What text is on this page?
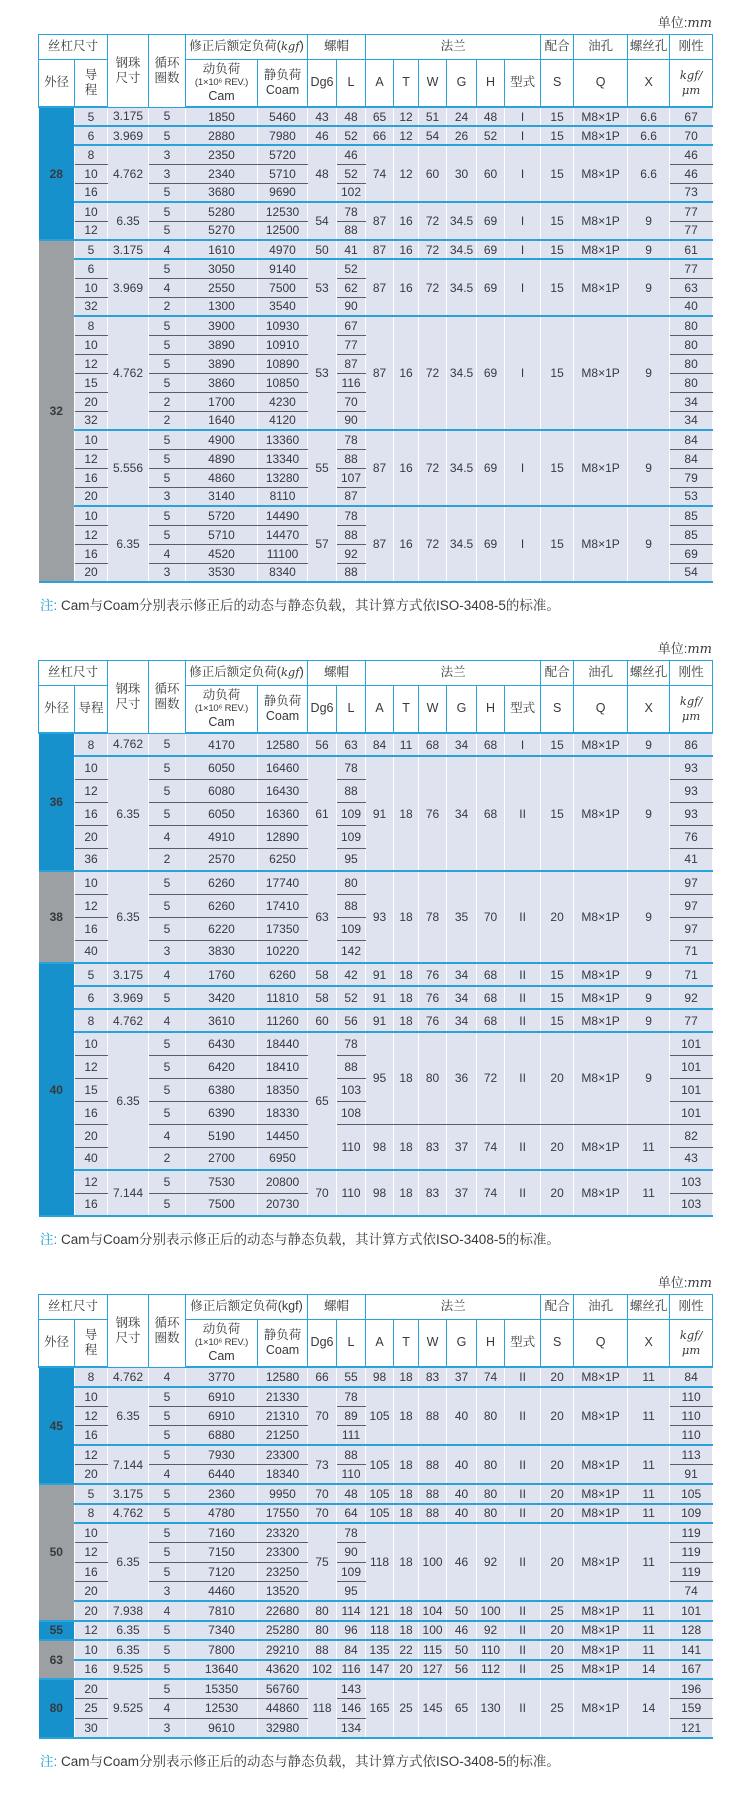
单位:mm
丝杠尺寸	
钢珠
尺寸

循环
圈数
	修正后额定负荷(kgf)	螺帽	法兰	配合	油孔	螺丝孔	刚性
外径	
导
程

动负荷
(1×10⁶ REV.)
Cam

静负荷
Coam
	Dg6	L	A	T	W	G	H	型式	S	Q	X	kgf/μm
28	5	3.175	5	1850	5460	43	48	65	12	51	24	48	I	15	M8×1P	6.6	67
	6	3.969	5	2880	7980	46	52	66	12	54	26	52	I	15	M8×1P	6.6	70
	8	4.762	3	2350	5720	48	46	74	12	60	30	60	I	15	M8×1P	6.6	46
	10		3	2340	5710		52										46
	16		5	3680	9690		102										73
	10	6.35	5	5280	12530	54	78	87	16	72	34.5	69	I	15	M8×1P	9	77
	12		5	5270	12500		88										77
32	5	3.175	4	1610	4970	50	41	87	16	72	34.5	69	I	15	M8×1P	9	61
	6	3.969	5	3050	9140	53	52	87	16	72	34.5	69	I	15	M8×1P	9	77
	10		4	2550	7500		62										63
	32		2	1300	3540		90										40
	8	4.762	5	3900	10930	53	67	87	16	72	34.5	69	I	15	M8×1P	9	80
	10		5	3890	10910		77										80
	12		5	3890	10890		87										80
	15		5	3860	10850		116										80
	20		2	1700	4230		70										34
	32		2	1640	4120		90										34
	10	5.556	5	4900	13360	55	78	87	16	72	34.5	69	I	15	M8×1P	9	84
	12		5	4890	13340		88										84
	16		5	4860	13280		107										79
	20		3	3140	8110		87										53
	10	6.35	5	5720	14490	57	78	87	16	72	34.5	69	I	15	M8×1P	9	85
	12		5	5710	14470		88										85
	16		4	4520	11100		92										69
	20		3	3530	8340		88										54
注: Cam与Coam分别表示修正后的动态与静态负载，其计算方式依ISO-3408-5的标准。
单位:mm
丝杠尺寸	
钢珠
尺寸

循环
圈数
	修正后额定负荷(kgf)	螺帽	法兰	配合	油孔	螺丝孔	刚性
外径	导程	
动负荷
(1×10⁶ REV.)
Cam

静负荷
Coam
	Dg6	L	A	T	W	G	H	型式	S	Q	X	kgf/μm
36	8	4.762	5	4170	12580	56	63	84	11	68	34	68	I	15	M8×1P	9	86
	10	6.35	5	6050	16460	61	78	91	18	76	34	68	II	15	M8×1P	9	93
	12		5	6080	16430		88										93
	16		5	6050	16360		109										93
	20		4	4910	12890		109										76
	36		2	2570	6250		95										41
38	10	6.35	5	6260	17740	63	80	93	18	78	35	70	II	20	M8×1P	9	97
	12		5	6260	17410		88										97
	16		5	6220	17350		109										97
	40		3	3830	10220		142										71
40	5	3.175	4	1760	6260	58	42	91	18	76	34	68	II	15	M8×1P	9	71
	6	3.969	5	3420	11810	58	52	91	18	76	34	68	II	15	M8×1P	9	92
	8	4.762	4	3610	11260	60	56	91	18	76	34	68	II	15	M8×1P	9	77
	10	6.35	5	6430	18440	65	78	95	18	80	36	72	II	20	M8×1P	9	101
	12		5	6420	18410		88										101
	15		5	6380	18350		103										101
	16		5	6390	18330		108										101
	20		4	5190	14450		110	98	18	83	37	74	II	20	M8×1P	11	82
	40		2	2700	6950												43
	12	7.144	5	7530	20800	70	110	98	18	83	37	74	II	20	M8×1P	11	103
	16		5	7500	20730												103
注: Cam与Coam分别表示修正后的动态与静态负载，其计算方式依ISO-3408-5的标准。
单位:mm
丝杠尺寸	
钢珠
尺寸

循环
圈数
	修正后额定负荷(kgf)	螺帽	法兰	配合	油孔	螺丝孔	刚性
外径	
导
程

动负荷
(1×10⁶ REV.)
Cam

静负荷
Coam
	Dg6	L	A	T	W	G	H	型式	S	Q	X	kgf/μm
45	8	4.762	4	3770	12580	66	55	98	18	83	37	74	II	20	M8×1P	11	84
	10	6.35	5	6910	21330	70	78	105	18	88	40	80	II	20	M8×1P	11	110
	12		5	6910	21310		89										110
	16		5	6880	21250		111										110
	12	7.144	5	7930	23300	73	88	105	18	88	40	80	II	20	M8×1P	11	113
	20		4	6440	18340		110										91
50	5	3.175	5	2360	9950	70	48	105	18	88	40	80	II	20	M8×1P	11	105
	8	4.762	5	4780	17550	70	64	105	18	88	40	80	II	20	M8×1P	11	109
	10	6.35	5	7160	23320	75	78	118	18	100	46	92	II	20	M8×1P	11	119
	12		5	7150	23300		90										119
	16		5	7120	23250		109										119
	20		3	4460	13520		95										74
	20	7.938	4	7810	22680	80	114	121	18	104	50	100	II	25	M8×1P	11	101
55	12	6.35	5	7340	25280	80	96	118	18	100	46	92	II	20	M8×1P	11	128
63	10	6.35	5	7800	29210	88	84	135	22	115	50	110	II	20	M8×1P	11	141
	16	9.525	5	13640	43620	102	116	147	20	127	56	112	II	25	M8×1P	14	167
80	20	9.525	5	15350	56760	118	143	165	25	145	65	130	II	25	M8×1P	14	196
	25		4	12530	44860		146										159
	30		3	9610	32980		134										121
注: Cam与Coam分别表示修正后的动态与静态负载，其计算方式依ISO-3408-5的标准。
